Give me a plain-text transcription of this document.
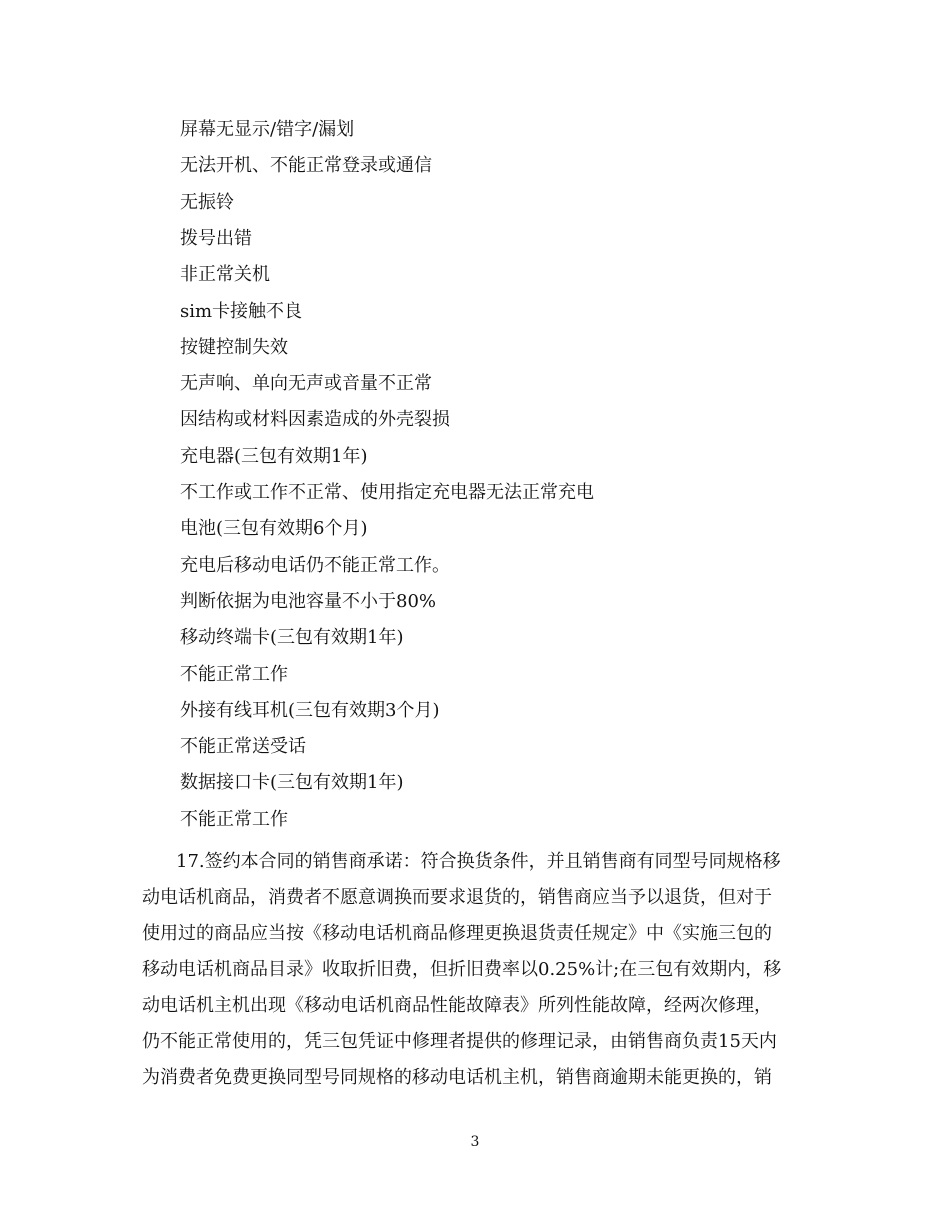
屏幕无显示/错字/漏划
无法开机、不能正常登录或通信
无振铃
拨号出错
非正常关机
sim卡接触不良
按键控制失效
无声响、单向无声或音量不正常
因结构或材料因素造成的外壳裂损
充电器(三包有效期1年)
不工作或工作不正常、使用指定充电器无法正常充电
电池(三包有效期6个月)
充电后移动电话仍不能正常工作。
判断依据为电池容量不小于80%
移动终端卡(三包有效期1年)
不能正常工作
外接有线耳机(三包有效期3个月)
不能正常送受话
数据接口卡(三包有效期1年)
不能正常工作
17.签约本合同的销售商承诺：符合换货条件，并且销售商有同型号同规格移
动电话机商品，消费者不愿意调换而要求退货的，销售商应当予以退货，但对于
使用过的商品应当按《移动电话机商品修理更换退货责任规定》中《实施三包的
移动电话机商品目录》收取折旧费，但折旧费率以0.25%计;在三包有效期内，移
动电话机主机出现《移动电话机商品性能故障表》所列性能故障，经两次修理，
仍不能正常使用的，凭三包凭证中修理者提供的修理记录，由销售商负责15天内
为消费者免费更换同型号同规格的移动电话机主机，销售商逾期未能更换的，销
3
